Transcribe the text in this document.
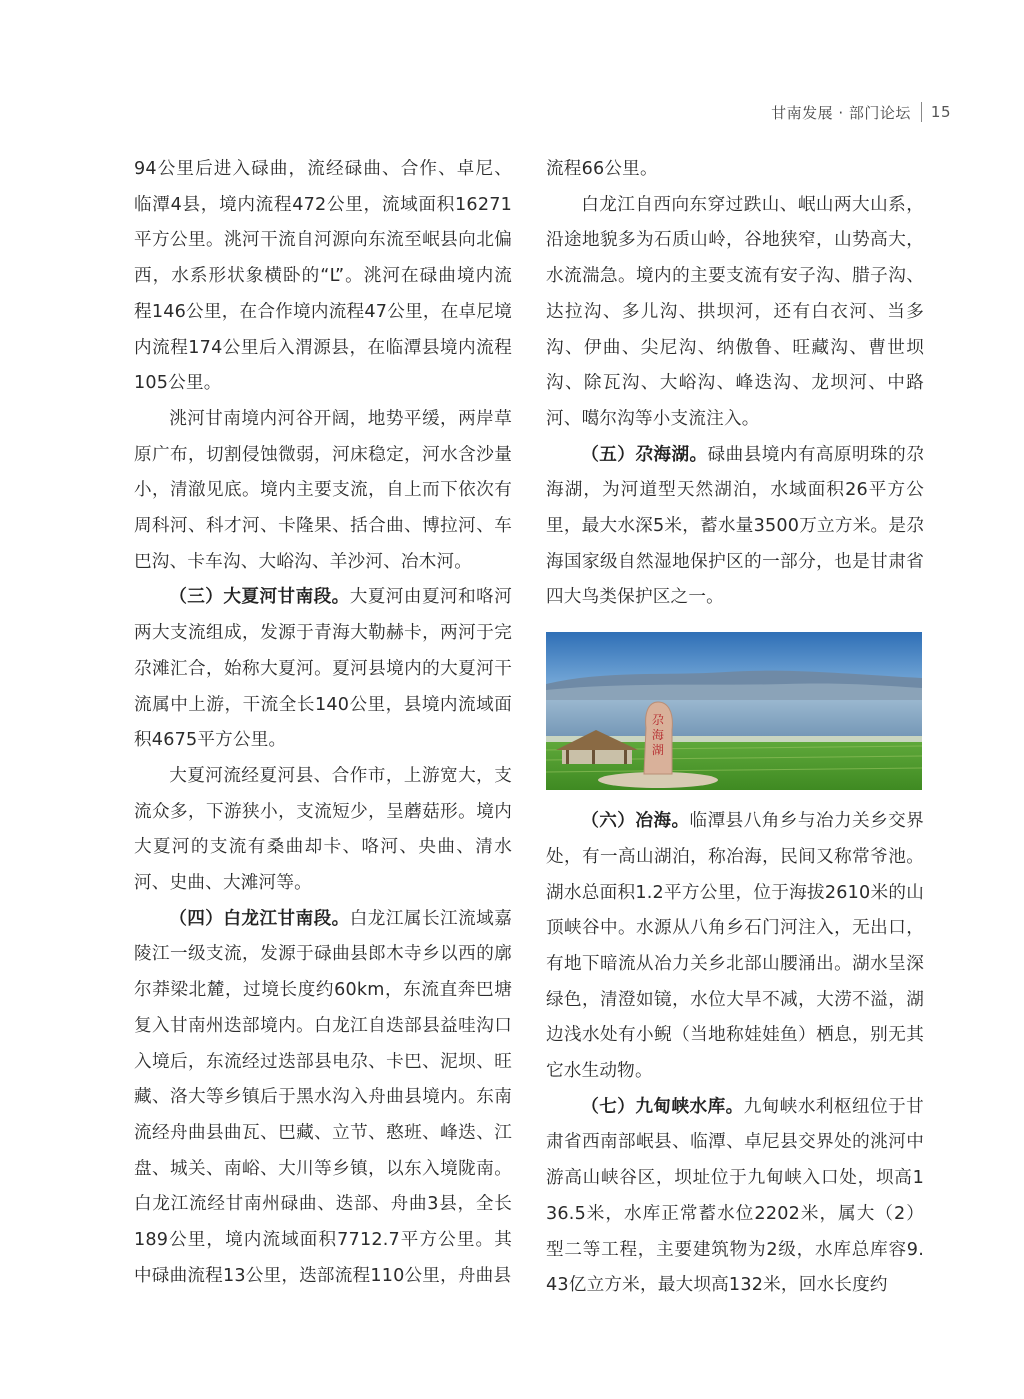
甘南发展 · 部门论坛 15

94公里后进入碌曲，流经碌曲、合作、卓尼、临潭4县，境内流程472公里，流域面积16271平方公里。洮河干流自河源向东流至岷县向北偏西，水系形状象横卧的“L”。洮河在碌曲境内流程146公里，在合作境内流程47公里，在卓尼境内流程174公里后入渭源县，在临潭县境内流程105公里。

洮河甘南境内河谷开阔，地势平缓，两岸草原广布，切割侵蚀微弱，河床稳定，河水含沙量小，清澈见底。境内主要支流，自上而下依次有周科河、科才河、卡隆果、括合曲、博拉河、车巴沟、卡车沟、大峪沟、羊沙河、冶木河。

（三）大夏河甘南段。大夏河由夏河和咯河两大支流组成，发源于青海大勒赫卡，两河于完尕滩汇合，始称大夏河。夏河县境内的大夏河干流属中上游，干流全长140公里，县境内流域面积4675平方公里。

大夏河流经夏河县、合作市，上游宽大，支流众多，下游狭小，支流短少，呈蘑菇形。境内大夏河的支流有桑曲却卡、咯河、央曲、清水河、史曲、大滩河等。

（四）白龙江甘南段。白龙江属长江流域嘉陵江一级支流，发源于碌曲县郎木寺乡以西的廓尔莽梁北麓，过境长度约60km，东流直奔巴塘复入甘南州迭部境内。白龙江自迭部县益哇沟口入境后，东流经过迭部县电尕、卡巴、泥坝、旺藏、洛大等乡镇后于黑水沟入舟曲县境内。东南流经舟曲县曲瓦、巴藏、立节、憨班、峰迭、江盘、城关、南峪、大川等乡镇，以东入境陇南。白龙江流经甘南州碌曲、迭部、舟曲3县，全长189公里，境内流域面积7712.7平方公里。其中碌曲流程13公里，迭部流程110公里，舟曲县

流程66公里。

白龙江自西向东穿过跌山、岷山两大山系，沿途地貌多为石质山岭，谷地狭窄，山势高大，水流湍急。境内的主要支流有安子沟、腊子沟、达拉沟、多儿沟、拱坝河，还有白衣河、当多沟、伊曲、尖尼沟、纳傲鲁、旺藏沟、曹世坝沟、除瓦沟、大峪沟、峰迭沟、龙坝河、中路河、噶尔沟等小支流注入。

（五）尕海湖。碌曲县境内有高原明珠的尕海湖，为河道型天然湖泊，水域面积26平方公里，最大水深5米，蓄水量3500万立方米。是尕海国家级自然湿地保护区的一部分，也是甘肃省四大鸟类保护区之一。

尕
海
湖

（六）冶海。临潭县八角乡与冶力关乡交界处，有一高山湖泊，称冶海，民间又称常爷池。湖水总面积1.2平方公里，位于海拔2610米的山顶峡谷中。水源从八角乡石门河注入，无出口，有地下暗流从冶力关乡北部山腰涌出。湖水呈深绿色，清澄如镜，水位大旱不减，大涝不溢，湖边浅水处有小鲵（当地称娃娃鱼）栖息，别无其它水生动物。

（七）九甸峡水库。九甸峡水利枢纽位于甘肃省西南部岷县、临潭、卓尼县交界处的洮河中游高山峡谷区，坝址位于九甸峡入口处，坝高136.5米，水库正常蓄水位2202米，属大（2）型二等工程，主要建筑物为2级，水库总库容9.43亿立方米，最大坝高132米，回水长度约
